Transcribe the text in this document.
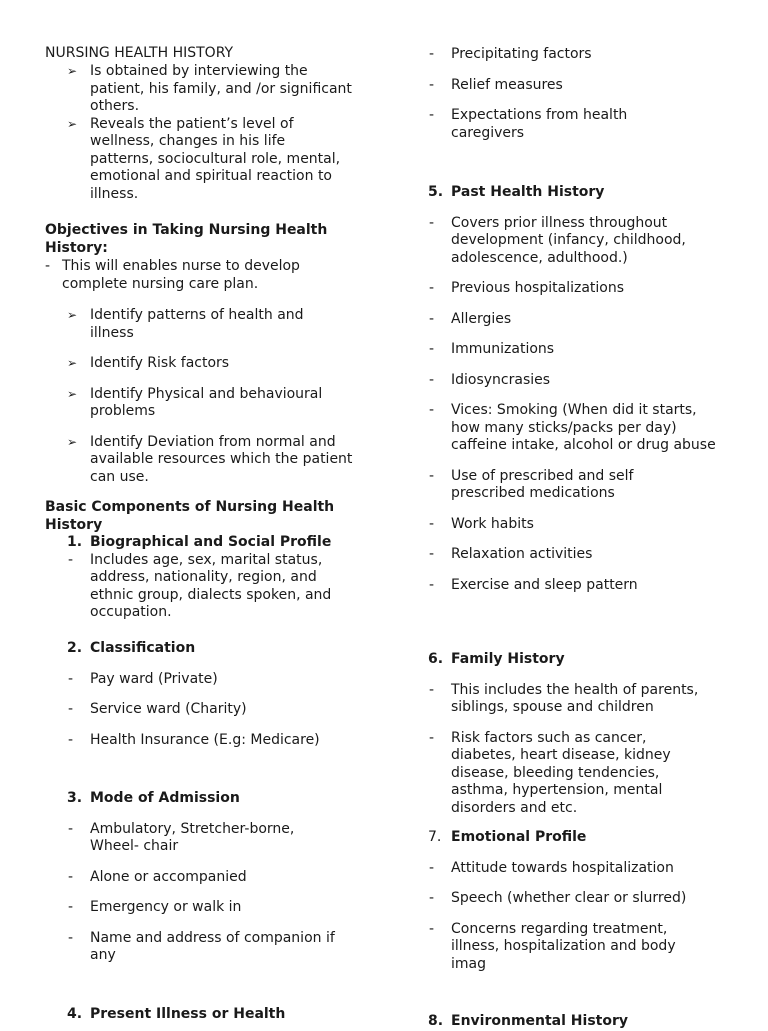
NURSING HEALTH HISTORY
➢ Is obtained by interviewing the patient, his family, and /or significant others.
➢ Reveals the patient’s level of wellness, changes in his life patterns, sociocultural role, mental, emotional and spiritual reaction to illness.
Objectives in Taking Nursing Health History:
- This will enables nurse to develop complete nursing care plan.
➢ Identify patterns of health and illness
➢ Identify Risk factors
➢ Identify Physical and behavioural problems
➢ Identify Deviation from normal and available resources which the patient can use.
Basic Components of Nursing Health History
1. Biographical and Social Profile
- Includes age, sex, marital status, address, nationality, region, and ethnic group, dialects spoken, and occupation.
2. Classification
- Pay ward (Private)
- Service ward (Charity)
- Health Insurance (E.g: Medicare)
3. Mode of Admission
- Ambulatory, Stretcher-borne, Wheel- chair
- Alone or accompanied
- Emergency or walk in
- Name and address of companion if any
4. Present Illness or Health
- Precipitating factors
- Relief measures
- Expectations from health caregivers
5. Past Health History
- Covers prior illness throughout development (infancy, childhood, adolescence, adulthood.)
- Previous hospitalizations
- Allergies
- Immunizations
- Idiosyncrasies
- Vices: Smoking (When did it starts, how many sticks/packs per day) caffeine intake, alcohol or drug abuse
- Use of prescribed and self prescribed medications
- Work habits
- Relaxation activities
- Exercise and sleep pattern
6. Family History
- This includes the health of parents, siblings, spouse and children
- Risk factors such as cancer, diabetes, heart disease, kidney disease, bleeding tendencies, asthma, hypertension, mental disorders and etc.
7. Emotional Profile
- Attitude towards hospitalization
- Speech (whether clear or slurred)
- Concerns regarding treatment, illness, hospitalization and body imag
8. Environmental History
